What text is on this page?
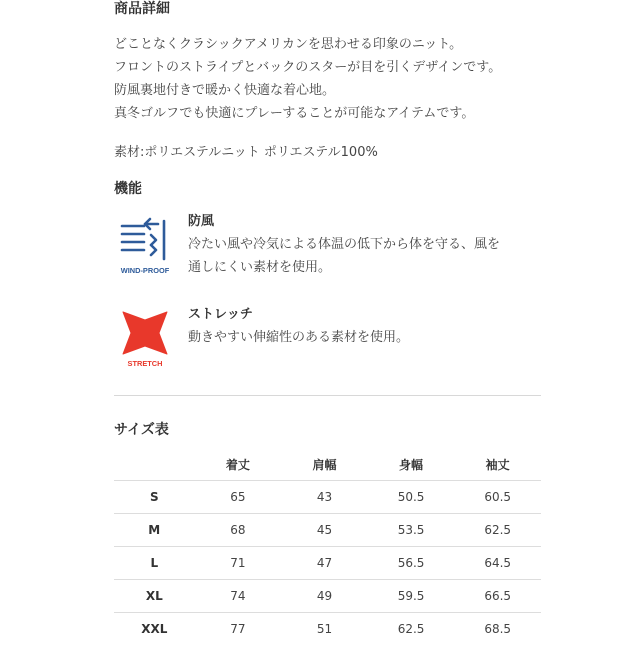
商品詳細
どことなくクラシックアメリカンを思わせる印象のニット。
フロントのストライプとバックのスターが目を引くデザインです。
防風裏地付きで暖かく快適な着心地。
真冬ゴルフでも快適にプレーすることが可能なアイテムです。
素材:ポリエステルニット ポリエステル100%
機能
WIND-PROOF
防風
冷たい風や冷気による体温の低下から体を守る、風を
通しにくい素材を使用。
STRETCH
ストレッチ
動きやすい伸縮性のある素材を使用。
サイズ表
	着丈	肩幅	身幅	袖丈
S	65	43	50.5	60.5
M	68	45	53.5	62.5
L	71	47	56.5	64.5
XL	74	49	59.5	66.5
XXL	77	51	62.5	68.5
